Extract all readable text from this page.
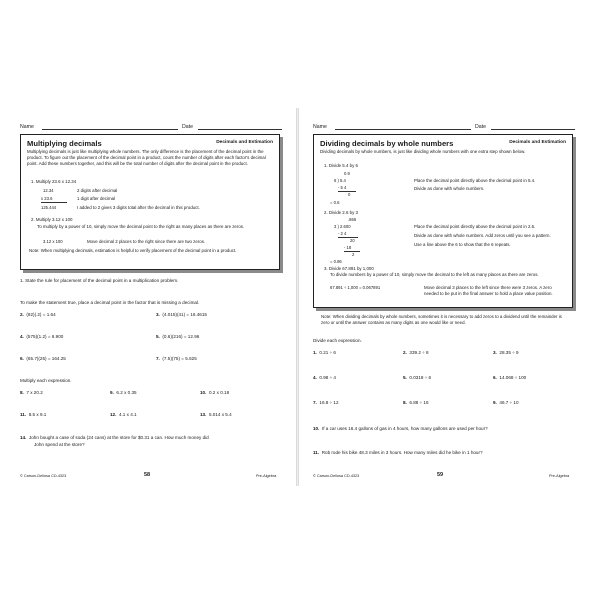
Name	Date
Multiplying decimals	Decimals and Estimation
Multiplying decimals is just like multiplying whole numbers. The only difference is the placement of the decimal point in the product. To figure out the placement of the decimal point in a product, count the number of digits after each factor's decimal point. Add these numbers together, and this will be the total number of digits after the decimal point in the product.
1. Multiply 23.6 x 12.34
12.34	2 digits after decimal
x 23.6	1 digit after decimal
125.444	I added to 2 gives 3 digits total after the decimal in this product.
2. Multiply 3.12 x 100
To multiply by a power of 10, simply move the decimal point to the right as many places as there are zeros.
3.12 x 100	Move decimal 2 places to the right since there are two zeros.
Note: When multiplying decimals, estimation is helpful to verify placement of the decimal point in a product.
1. State the rule for placement of the decimal point in a multiplication problem.
To make the statement true, place a decimal point in the factor that is missing a decimal.
2. (82)(.2) = 1.64	3. (4.015)(41) = 16.4615
4. (575)(1.2) = 6.900	5. (0.6)(216) = 12.96
6. (65.7)(25) = 164.25	7. (7.5)(75) = 5.625
Multiply each expression.
8. 7 x 20.2	9. 6.2 x 0.35	10. 0.2 x 0.18
11. 8.5 x 9.1	12. 4.1 x 4.1	13. 5.014 x 5.4
14. John bought a case of soda (24 cans) at the store for $0.31 a can. How much money did
John spend at the store?
© Carson-Dellosa CD-4323	58	Pre-Algebra
Name	Date
Dividing decimals by whole numbers	Decimals and Estimation
Dividing decimals by whole numbers, is just like dividing whole numbers with one extra step shown below.
1. Divide 5.4 by 6
0.9
6 ) 5.4
- 5 4
0
= 0.6
Place the decimal point directly above the decimal point in 5.4.
Divide as done with whole numbers.
2. Divide 2.6 by 3
.866
3 ) 2.600
- 2 4
20
- 18
2
= 0.86
Place the decimal point directly above the decimal point in 2.6.
Divide as done with whole numbers. Add zeros until you see a pattern.
Use a line above the 6 to show that the 6 repeats.
3. Divide 67.891 by 1,000
To divide numbers by a power of 10, simply move the decimal to the left as many places as there are zeros.
67.891 ÷ 1,000 = 0.067891	Move decimal 3 places to the left since there were 3 zeros. A zero needed to be put in the final answer to hold a place value position.
Note: When dividing decimals by whole numbers, sometimes it is necessary to add zeros to a dividend until the remainder is zero or until the answer contains as many digits as one would like or need.
Divide each expression.
1. 0.21 ÷ 6	2. 339.2 ÷ 8	3. 28.35 ÷ 9
4. 0.98 ÷ 4	5. 0.0318 ÷ 6	6. 14.068 ÷ 100
7. 16.8 ÷ 12	8. 6.88 ÷ 16	9. 46.7 ÷ 10
10. If a car uses 16.4 gallons of gas in 4 hours, how many gallons are used per hour?
11. Rob rode his bike 48.3 miles in 3 hours. How many miles did he bike in 1 hour?
© Carson-Dellosa CD-4323	59	Pre-Algebra
